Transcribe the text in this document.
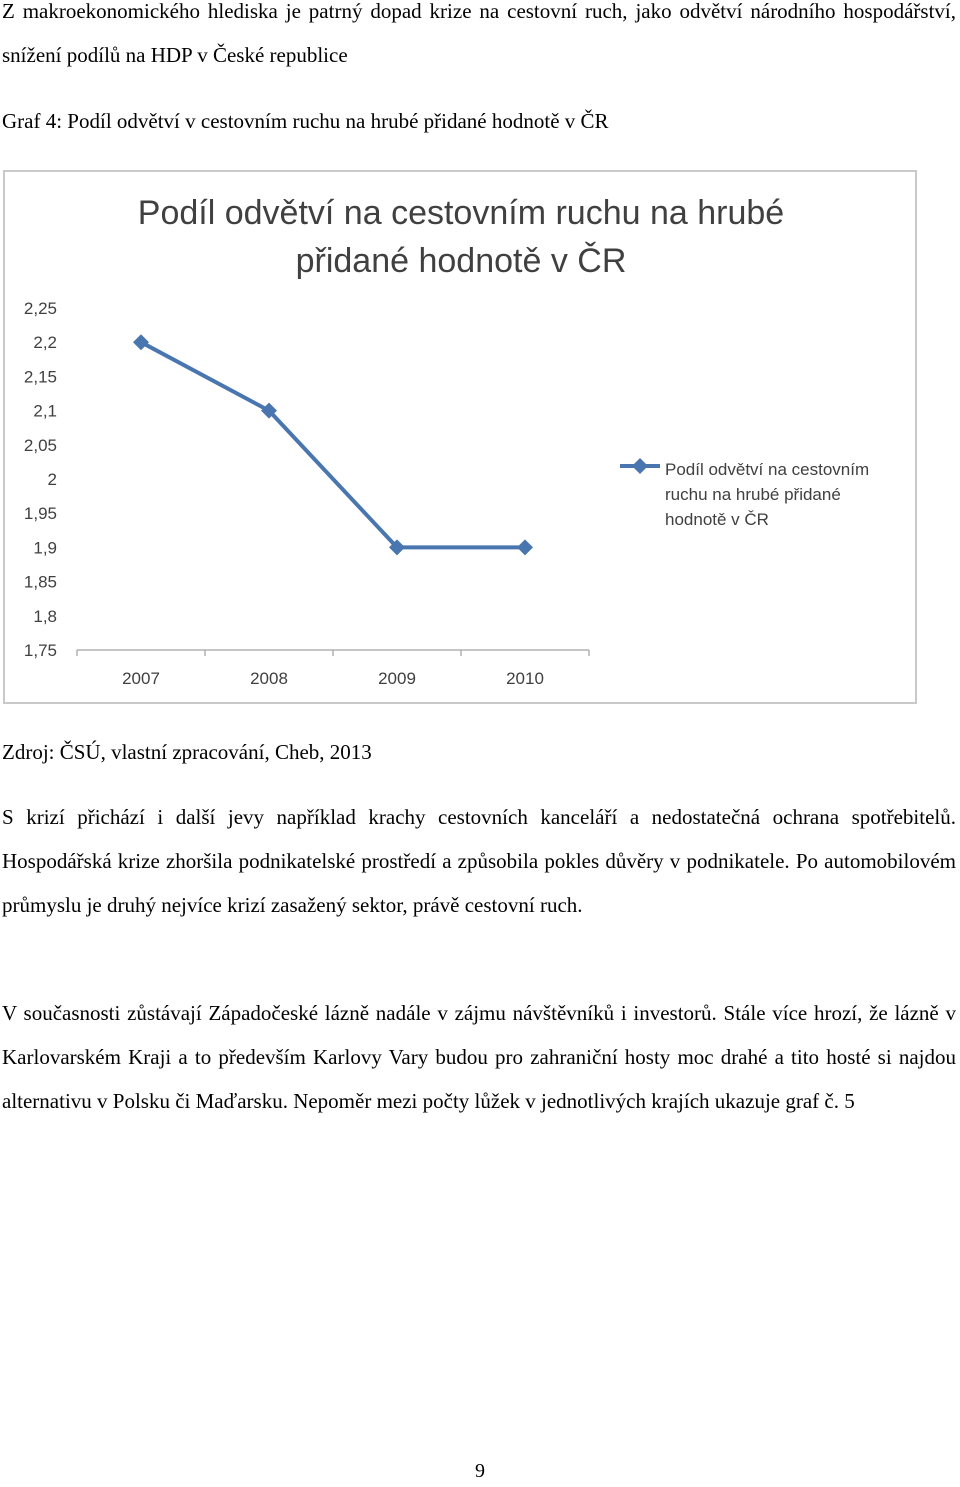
Z makroekonomického hlediska je patrný dopad krize na cestovní ruch, jako odvětví národního hospodářství, snížení podílů na HDP v České republice

Graf 4: Podíl odvětví v cestovním ruchu na hrubé přidané hodnotě v ČR

Podíl odvětví na cestovním ruchu na hrubé
přidané hodnotě v ČR
2,25
2,2
2,15
2,1
2,05
2
1,95
1,9
1,85
1,8
1,75
2007	2008	2009	2010
Podíl odvětví na cestovním
ruchu na hrubé přidané
hodnotě v ČR

Zdroj: ČSÚ, vlastní zpracování, Cheb, 2013

S krizí přichází i další jevy například krachy cestovních kanceláří a nedostatečná ochrana spotřebitelů. Hospodářská krize zhoršila podnikatelské prostředí a způsobila pokles důvěry v podnikatele. Po automobilovém průmyslu je druhý nejvíce krizí zasažený sektor, právě cestovní ruch.

V současnosti zůstávají Západočeské lázně nadále v zájmu návštěvníků i investorů. Stále více hrozí, že lázně v Karlovarském Kraji a to především Karlovy Vary budou pro zahraniční hosty moc drahé a tito hosté si najdou alternativu v Polsku či Maďarsku. Nepoměr mezi počty lůžek v jednotlivých krajích ukazuje graf č. 5

9
